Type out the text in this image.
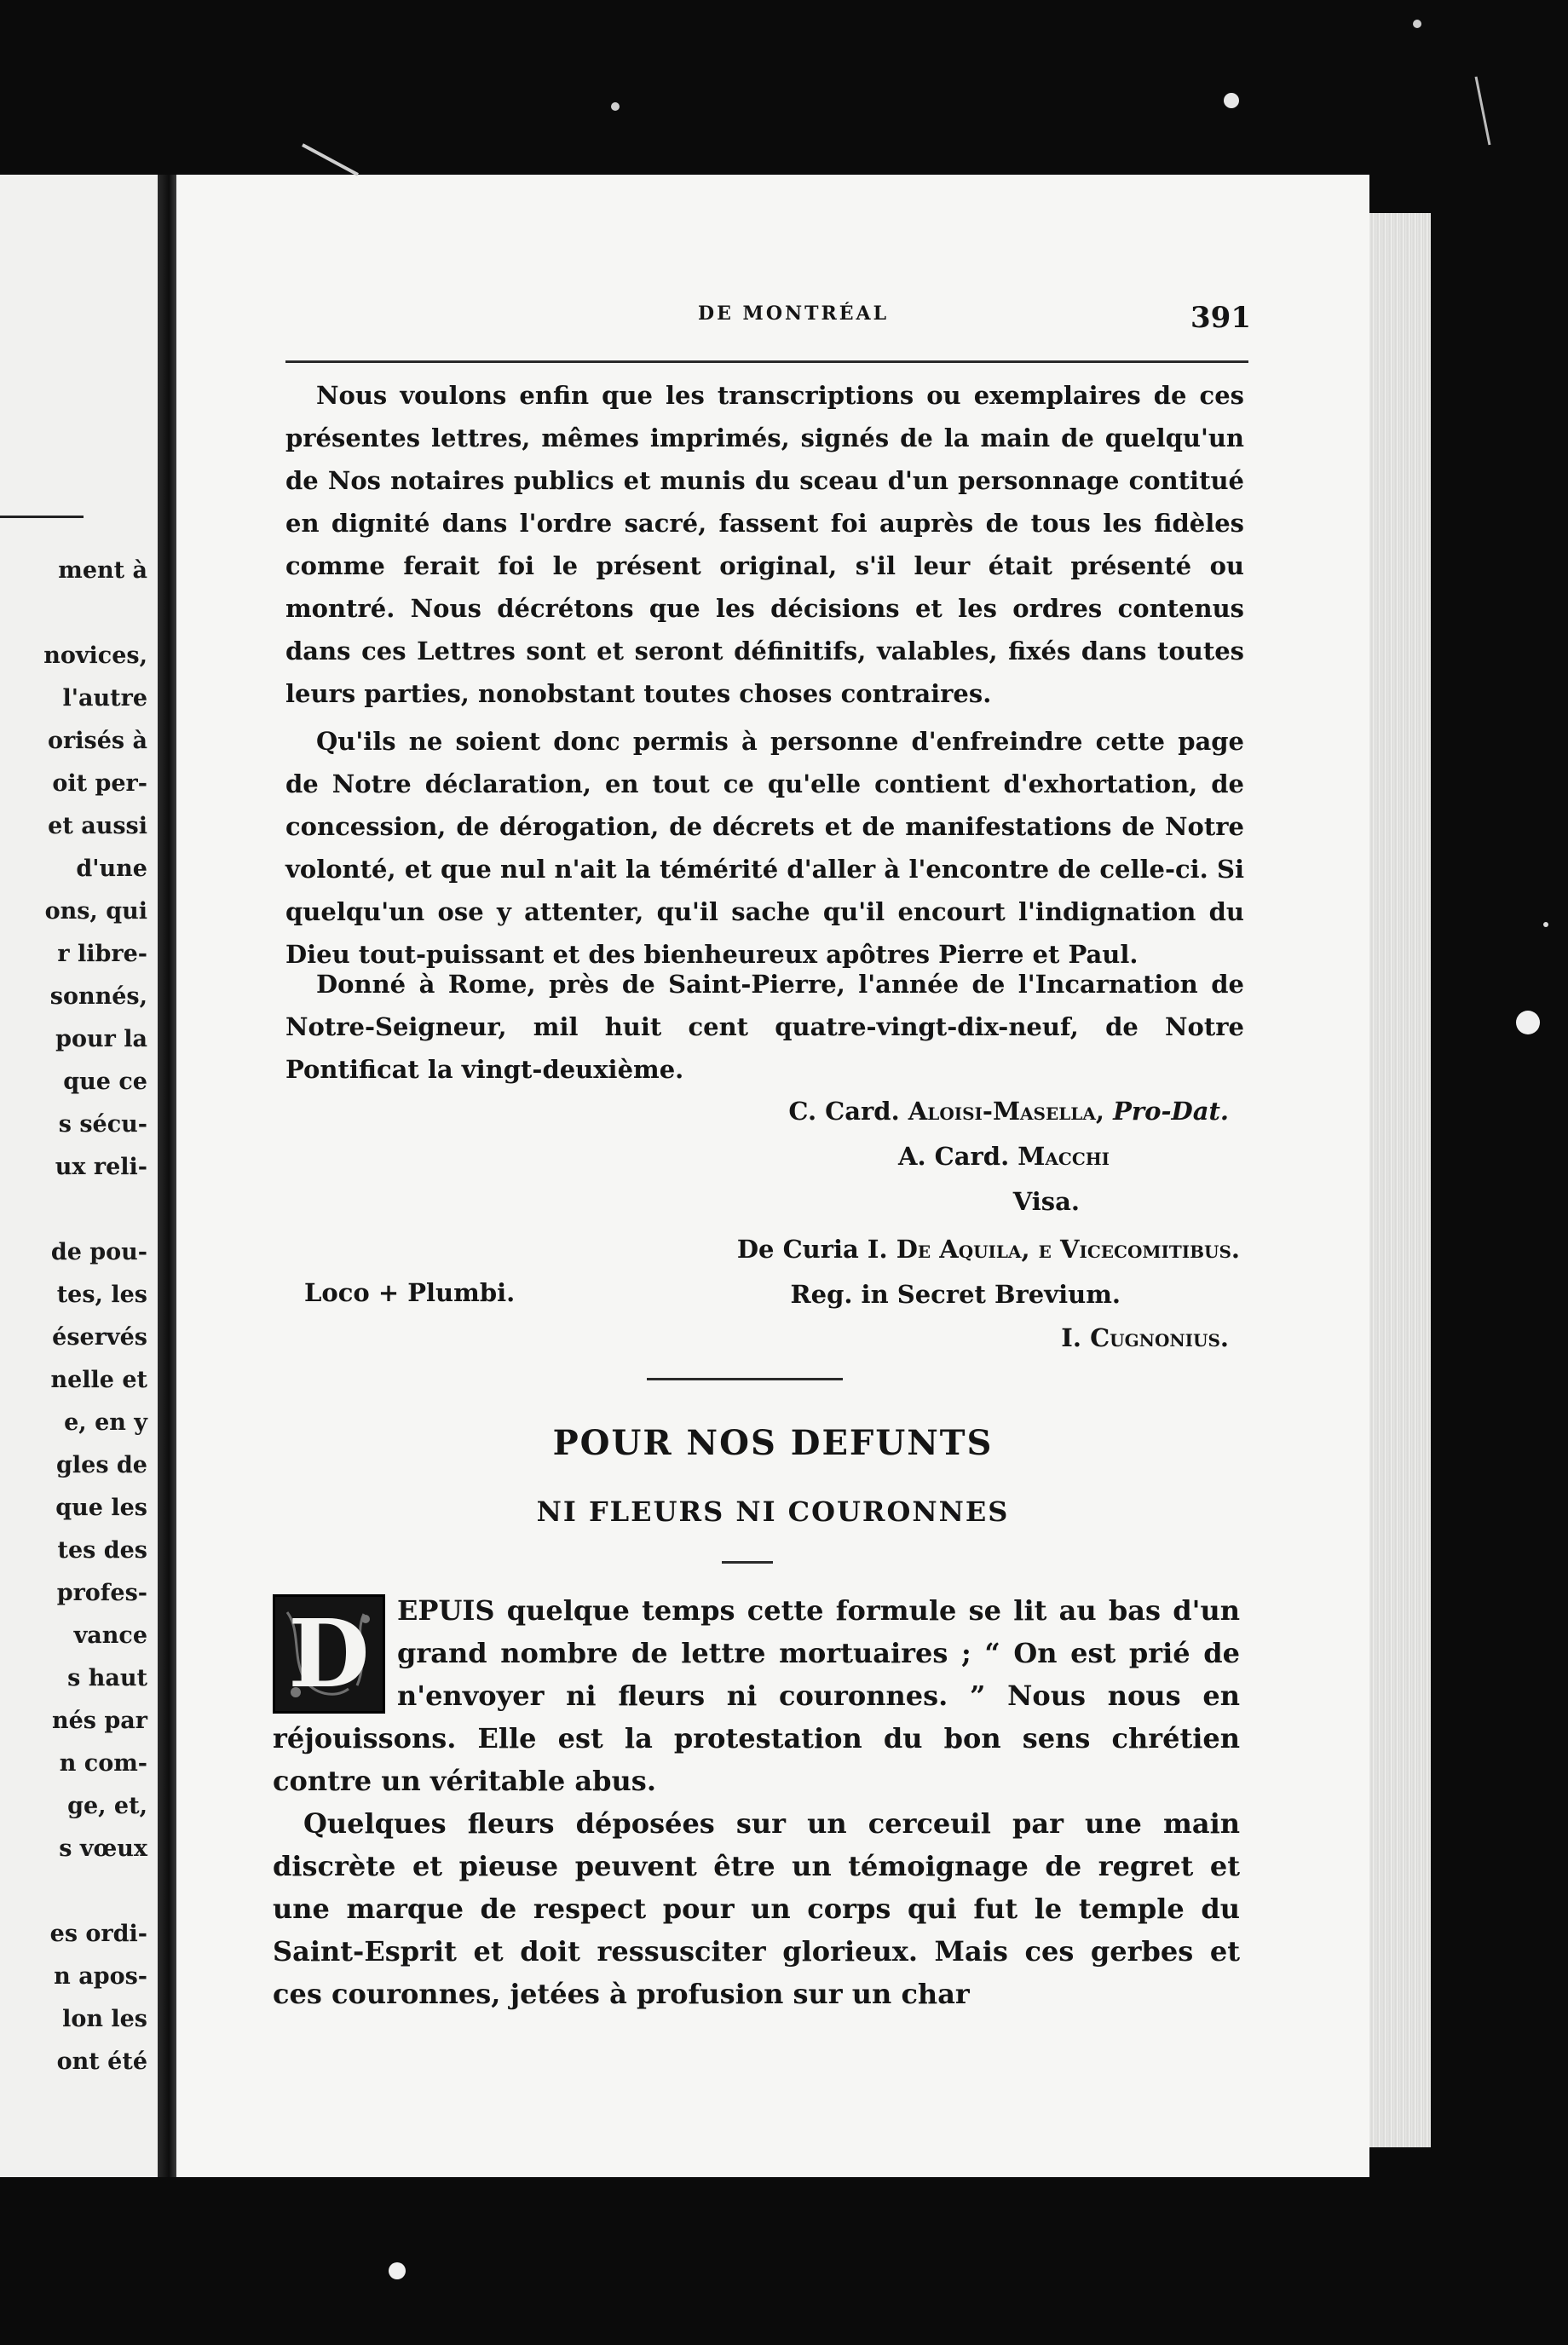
ment à
novices,
l'autre
orisés à
oit per-
et aussi
d'une
ons, qui
r libre-
sonnés,
pour la
que ce
s sécu-
ux reli-
de pou-
tes, les
éservés
nelle et
e, en y
gles de
que les
tes des
profes-
vance
s haut
nés par
n com-
ge, et,
s vœux
es ordi-
n apos-
lon les
ont été
DE MONTRÉAL	391

Nous voulons enfin que les transcriptions ou exemplaires de ces présentes lettres, mêmes imprimés, signés de la main de quelqu'un de Nos notaires publics et munis du sceau d'un personnage contitué en dignité dans l'ordre sacré, fassent foi auprès de tous les fidèles comme ferait foi le présent original, s'il leur était présenté ou montré. Nous décrétons que les décisions et les ordres contenus dans ces Lettres sont et seront définitifs, valables, fixés dans toutes leurs parties, nonobstant toutes choses contraires.

Qu'ils ne soient donc permis à personne d'enfreindre cette page de Notre déclaration, en tout ce qu'elle contient d'exhortation, de concession, de dérogation, de décrets et de manifestations de Notre volonté, et que nul n'ait la témérité d'aller à l'encontre de celle-ci. Si quelqu'un ose y attenter, qu'il sache qu'il encourt l'indignation du Dieu tout-puissant et des bienheureux apôtres Pierre et Paul.

Donné à Rome, près de Saint-Pierre, l'année de l'Incarnation de Notre-Seigneur, mil huit cent quatre-vingt-dix-neuf, de Notre Pontificat la vingt-deuxième.

C. Card. Aloisi-Masella, Pro-Dat.
A. Card. Macchi
Visa.
De Curia I. De Aquila, e Vicecomitibus.
Loco + Plumbi.	Reg. in Secret Brevium.
I. Cugnonius.
POUR NOS DEFUNTS
NI FLEURS NI COURONNES
D	EPUIS quelque temps cette formule se lit au bas d'un grand nombre de lettre mortuaires ; “ On est prié de n'envoyer ni fleurs ni couronnes. ” Nous nous en réjouissons. Elle est la protestation du bon sens chrétien contre un véritable abus.

Quelques fleurs déposées sur un cerceuil par une main discrète et pieuse peuvent être un témoignage de regret et une marque de respect pour un corps qui fut le temple du Saint-Esprit et doit ressusciter glorieux. Mais ces gerbes et ces couronnes, jetées à profusion sur un char
